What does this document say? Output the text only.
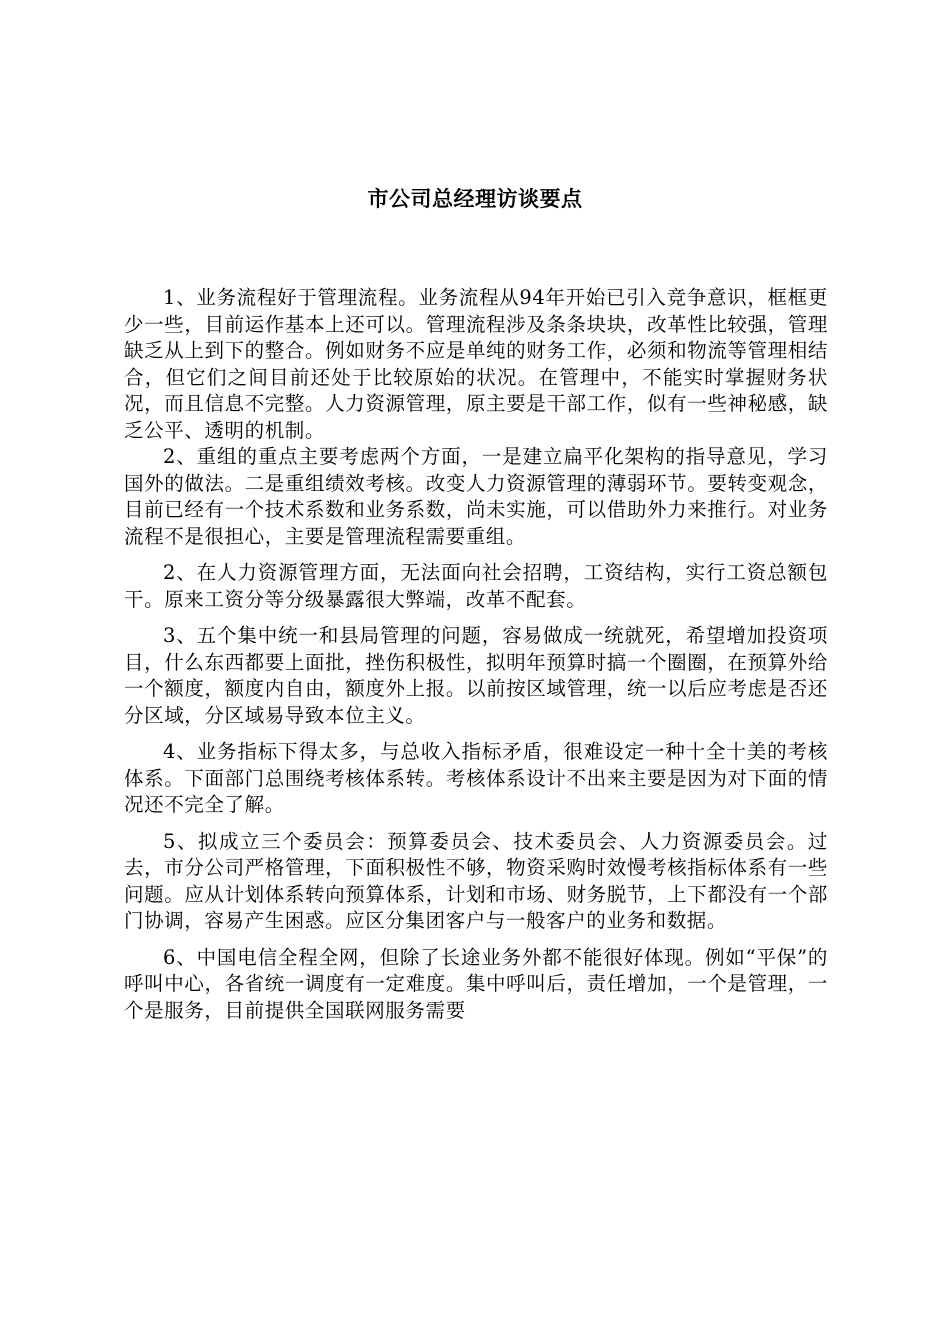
市公司总经理访谈要点

1、业务流程好于管理流程。业务流程从94年开始已引入竞争意识，框框更少一些，目前运作基本上还可以。管理流程涉及条条块块，改革性比较强，管理缺乏从上到下的整合。例如财务不应是单纯的财务工作，必须和物流等管理相结合，但它们之间目前还处于比较原始的状况。在管理中，不能实时掌握财务状况，而且信息不完整。人力资源管理，原主要是干部工作，似有一些神秘感，缺乏公平、透明的机制。

2、重组的重点主要考虑两个方面，一是建立扁平化架构的指导意见，学习国外的做法。二是重组绩效考核。改变人力资源管理的薄弱环节。要转变观念，目前已经有一个技术系数和业务系数，尚未实施，可以借助外力来推行。对业务流程不是很担心，主要是管理流程需要重组。

2、在人力资源管理方面，无法面向社会招聘，工资结构，实行工资总额包干。原来工资分等分级暴露很大弊端，改革不配套。

3、五个集中统一和县局管理的问题，容易做成一统就死，希望增加投资项目，什么东西都要上面批，挫伤积极性，拟明年预算时搞一个圈圈，在预算外给一个额度，额度内自由，额度外上报。以前按区域管理，统一以后应考虑是否还分区域，分区域易导致本位主义。

4、业务指标下得太多，与总收入指标矛盾，很难设定一种十全十美的考核体系。下面部门总围绕考核体系转。考核体系设计不出来主要是因为对下面的情况还不完全了解。

5、拟成立三个委员会：预算委员会、技术委员会、人力资源委员会。过去，市分公司严格管理，下面积极性不够，物资采购时效慢考核指标体系有一些问题。应从计划体系转向预算体系，计划和市场、财务脱节，上下都没有一个部门协调，容易产生困惑。应区分集团客户与一般客户的业务和数据。

6、中国电信全程全网，但除了长途业务外都不能很好体现。例如“平保”的呼叫中心，各省统一调度有一定难度。集中呼叫后，责任增加，一个是管理，一个是服务，目前提供全国联网服务需要
